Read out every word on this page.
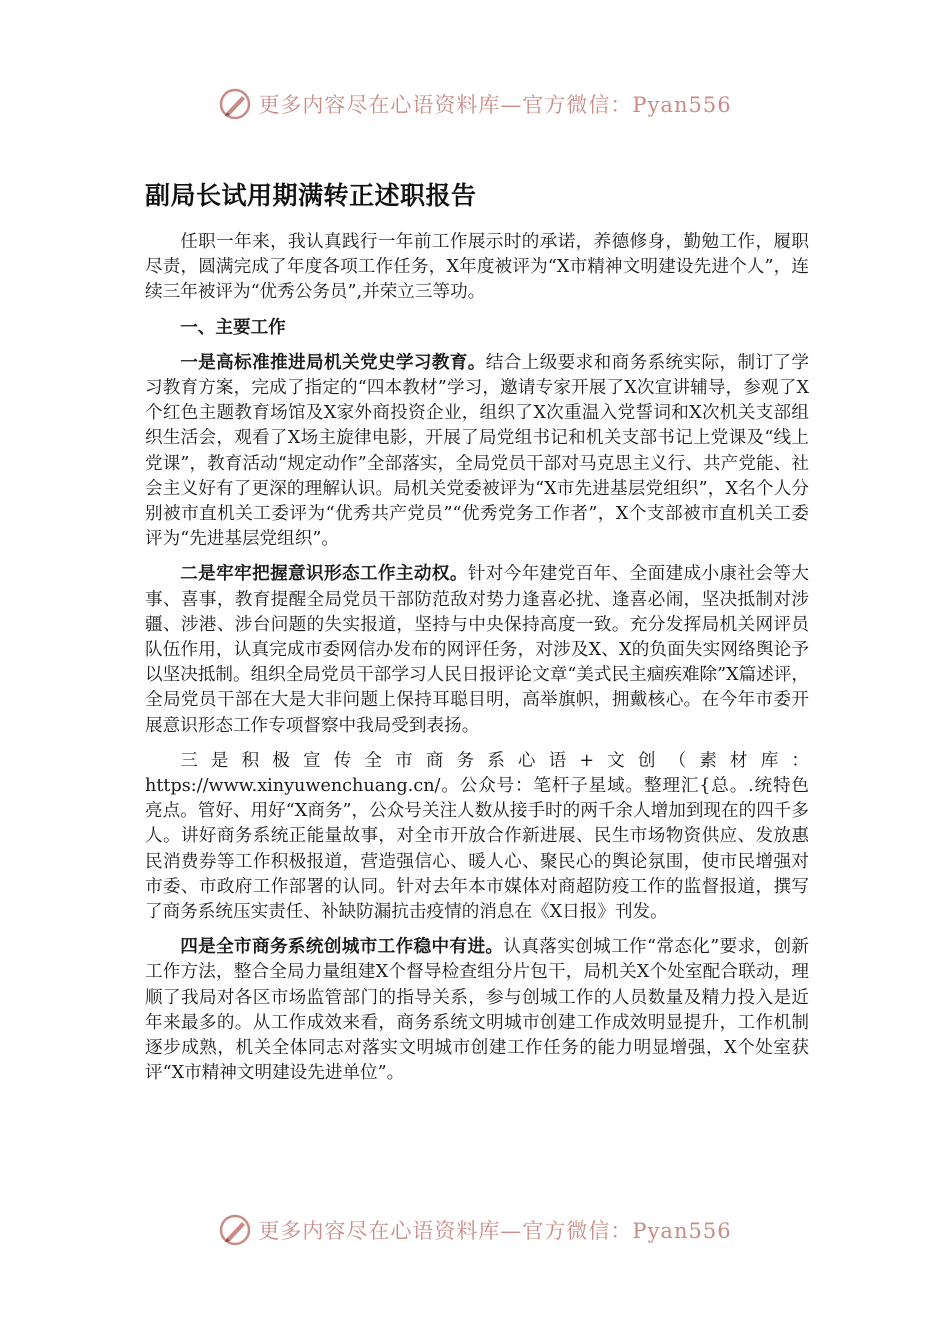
更多内容尽在心语资料库—官方微信：Pyan556
副局长试用期满转正述职报告

任职一年来，我认真践行一年前工作展示时的承诺，养德修身，勤勉工作，履职尽责，圆满完成了年度各项工作任务，X年度被评为“X市精神文明建设先进个人”，连续三年被评为“优秀公务员”,并荣立三等功。

一、主要工作

一是高标准推进局机关党史学习教育。结合上级要求和商务系统实际，制订了学习教育方案，完成了指定的“四本教材”学习，邀请专家开展了X次宣讲辅导，参观了X个红色主题教育场馆及X家外商投资企业，组织了X次重温入党誓词和X次机关支部组织生活会，观看了X场主旋律电影，开展了局党组书记和机关支部书记上党课及“线上党课”，教育活动“规定动作”全部落实，全局党员干部对马克思主义行、共产党能、社会主义好有了更深的理解认识。局机关党委被评为“X市先进基层党组织”，X名个人分别被市直机关工委评为“优秀共产党员”“优秀党务工作者”，X个支部被市直机关工委评为“先进基层党组织”。

二是牢牢把握意识形态工作主动权。针对今年建党百年、全面建成小康社会等大事、喜事，教育提醒全局党员干部防范敌对势力逢喜必扰、逢喜必闹，坚决抵制对涉疆、涉港、涉台问题的失实报道，坚持与中央保持高度一致。充分发挥局机关网评员队伍作用，认真完成市委网信办发布的网评任务，对涉及X、X的负面失实网络舆论予以坚决抵制。组织全局党员干部学习人民日报评论文章“美式民主痼疾难除”X篇述评，全局党员干部在大是大非问题上保持耳聪目明，高举旗帜，拥戴核心。在今年市委开展意识形态工作专项督察中我局受到表扬。

三是积极宣传全市商务系心语+文创（素材库：https://www.xinyuwenchuang.cn/。公众号：笔杆子星域。整理汇{总。.统特色亮点。管好、用好“X商务”，公众号关注人数从接手时的两千余人增加到现在的四千多人。讲好商务系统正能量故事，对全市开放合作新进展、民生市场物资供应、发放惠民消费券等工作积极报道，营造强信心、暖人心、聚民心的舆论氛围，使市民增强对市委、市政府工作部署的认同。针对去年本市媒体对商超防疫工作的监督报道，撰写了商务系统压实责任、补缺防漏抗击疫情的消息在《X日报》刊发。

四是全市商务系统创城市工作稳中有进。认真落实创城工作“常态化”要求，创新工作方法，整合全局力量组建X个督导检查组分片包干，局机关X个处室配合联动，理顺了我局对各区市场监管部门的指导关系，参与创城工作的人员数量及精力投入是近年来最多的。从工作成效来看，商务系统文明城市创建工作成效明显提升，工作机制逐步成熟，机关全体同志对落实文明城市创建工作任务的能力明显增强，X个处室获评“X市精神文明建设先进单位”。

更多内容尽在心语资料库—官方微信：Pyan556
